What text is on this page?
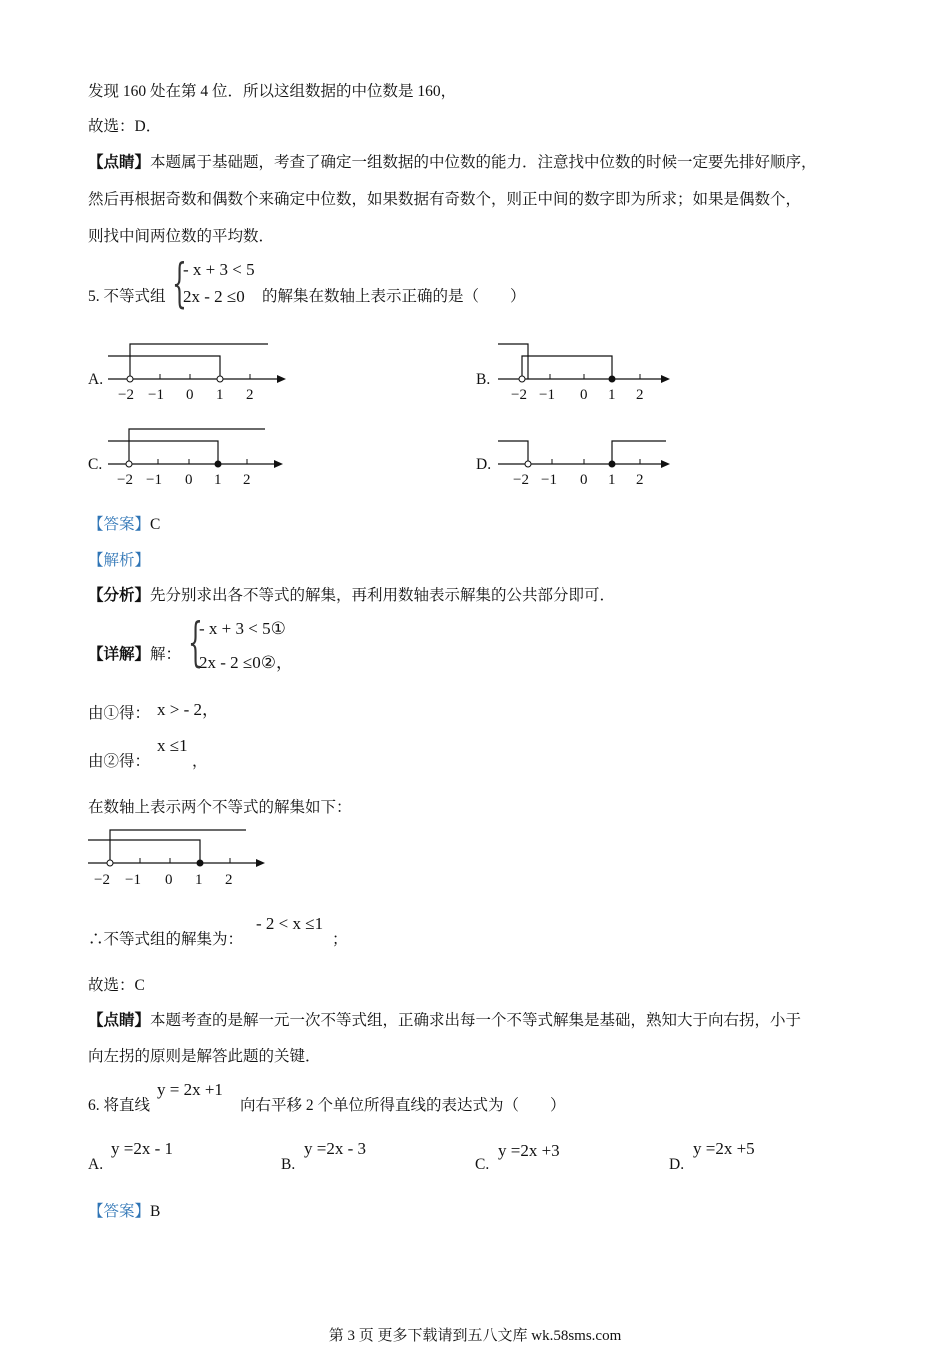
发现 160 处在第 4 位．所以这组数据的中位数是 160，
故选：D．
【点睛】本题属于基础题，考查了确定一组数据的中位数的能力．注意找中位数的时候一定要先排好顺序，
然后再根据奇数和偶数个来确定中位数，如果数据有奇数个，则正中间的数字即为所求；如果是偶数个，
则找中间两位数的平均数．
5. 不等式组 {
- x + 3 < 5
2x - 2 ≤0 的解集在数轴上表示正确的是（　　）
A.
−2 −1 0 1 2
B.
−2 −1 0 1 2
C.
−2 −1 0 1 2
D.
−2 −1 0 1 2
【答案】C
【解析】
【分析】先分别求出各不等式的解集，再利用数轴表示解集的公共部分即可．
【详解】解： {
- x + 3 < 5①
2x - 2 ≤0②，
由①得： x > - 2，
由②得：
x ≤1
，
在数轴上表示两个不等式的解集如下：
−2 −1 0 1 2
∴不等式组的解集为：
- 2 < x ≤1
；
故选：C
【点睛】本题考查的是解一元一次不等式组，正确求出每一个不等式解集是基础，熟知大于向右拐，小于
向左拐的原则是解答此题的关键．
6. 将直线
y = 2x +1
向右平移 2 个单位所得直线的表达式为（　　）
A.
y =2x - 1
B.
y =2x - 3
C.
y =2x +3
D.
y =2x +5
【答案】B
第 3 页 更多下载请到五八文库 wk.58sms.com
